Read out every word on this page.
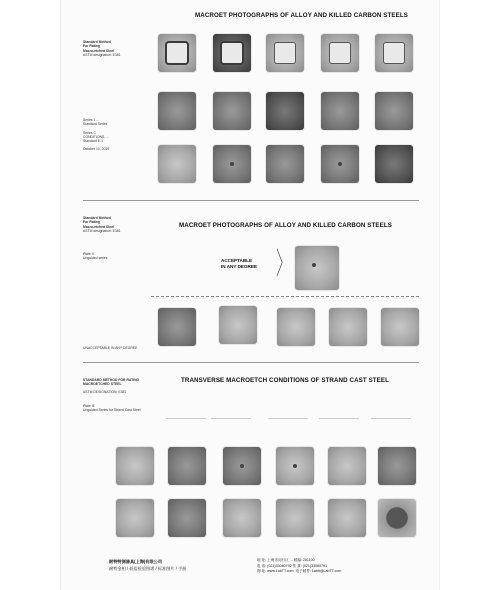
MACROET PHOTOGRAPHS OF ALLOY AND KILLED CARBON STEELS
Standard Method
For Rating
Macro-etched Steel
ASTM designation: E381
Series 1 ...
Standard Series
Series C
CONDITIONS, ...
Standard E-1
October 10, 2019
MACROET PHOTOGRAPHS OF ALLOY AND KILLED CARBON STEELS
Standard Method
For Rating
Macro-etched Steel
ASTM designation: E381
Plate II
Unguided series	ACCEPTABLE
IN ANY DEGREE 〉
UNACCEPTABLE IN ANY DEGREE
TRANSVERSE MACROETCH CONDITIONS OF STRAND CAST STEEL
STANDARD METHOD FOR RATING
MACROETCHED STEEL
ASTM DESIGNATION: E381
Plate III
Unguided Series for Strand Cast Steel
耐特特测器具(上海)有限公司
耐特金相 / 低倍检验图谱 / 标准图片 / 手册
地 址: 上海市闵行区 ... 邮编: 201100
电 话: (021)33080792 传 真: (021)33080791
网 址: www.LabTT.com 电子邮件: Labtt@LabTT.com
